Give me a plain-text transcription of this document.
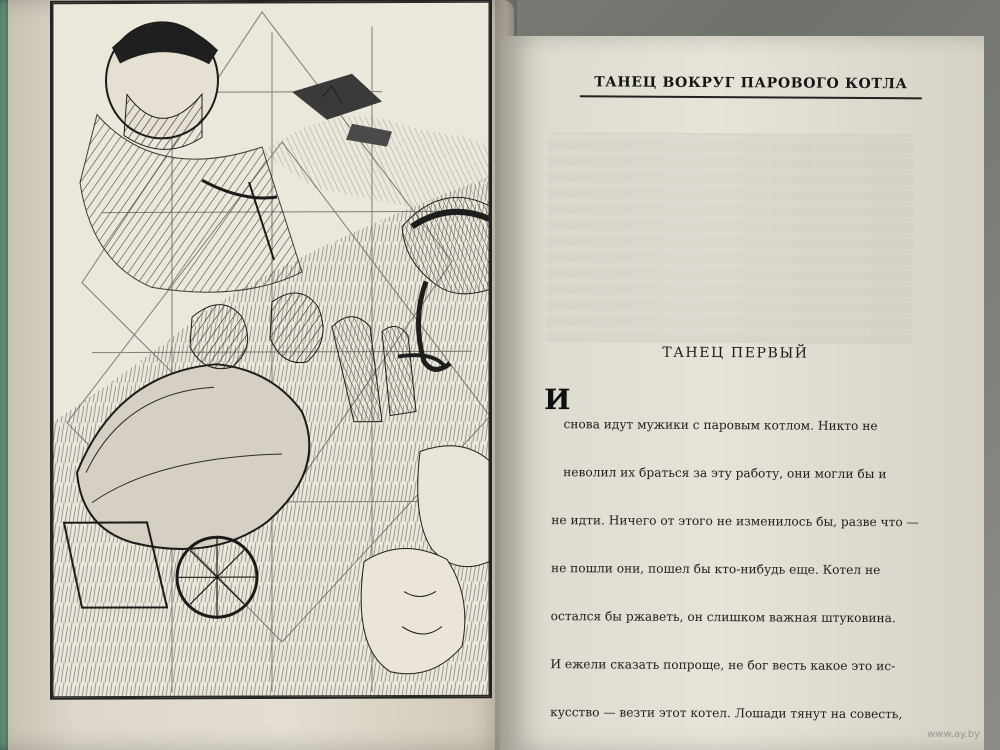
ТАНЕЦ ВОКРУГ ПАРОВОГО КОТЛА
ТАНЕЦ ПЕРВЫЙ
И

снова идут мужики с паровым котлом. Никто не

неволил их браться за эту работу, они могли бы и

не идти. Ничего от этого не изменилось бы, разве что —

не пошли они, пошел бы кто-нибудь еще. Котел не

остался бы ржаветь, он слишком важная штуковина.

И ежели сказать попроще, не бог весть какое это ис-

кусство — везти этот котел. Лошади тянут на совесть,

www.ay.by
